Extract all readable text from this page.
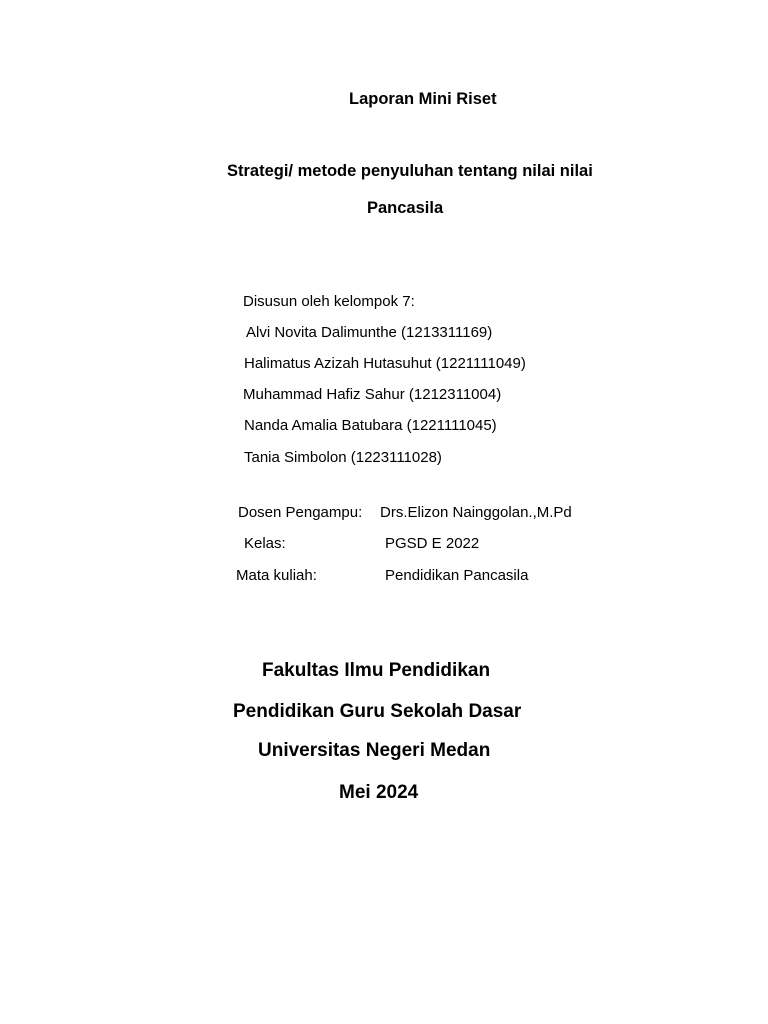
Laporan Mini Riset
Strategi/ metode penyuluhan tentang nilai nilai
Pancasila
Disusun oleh kelompok 7:
Alvi Novita Dalimunthe (1213311169)
Halimatus Azizah Hutasuhut (1221111049)
Muhammad Hafiz Sahur (1212311004)
Nanda Amalia Batubara (1221111045)
Tania Simbolon (1223111028)
Dosen Pengampu: Drs.Elizon Nainggolan.,M.Pd
Kelas:	PGSD E 2022
Mata kuliah:	Pendidikan Pancasila
Fakultas Ilmu Pendidikan
Pendidikan Guru Sekolah Dasar
Universitas Negeri Medan
Mei 2024
